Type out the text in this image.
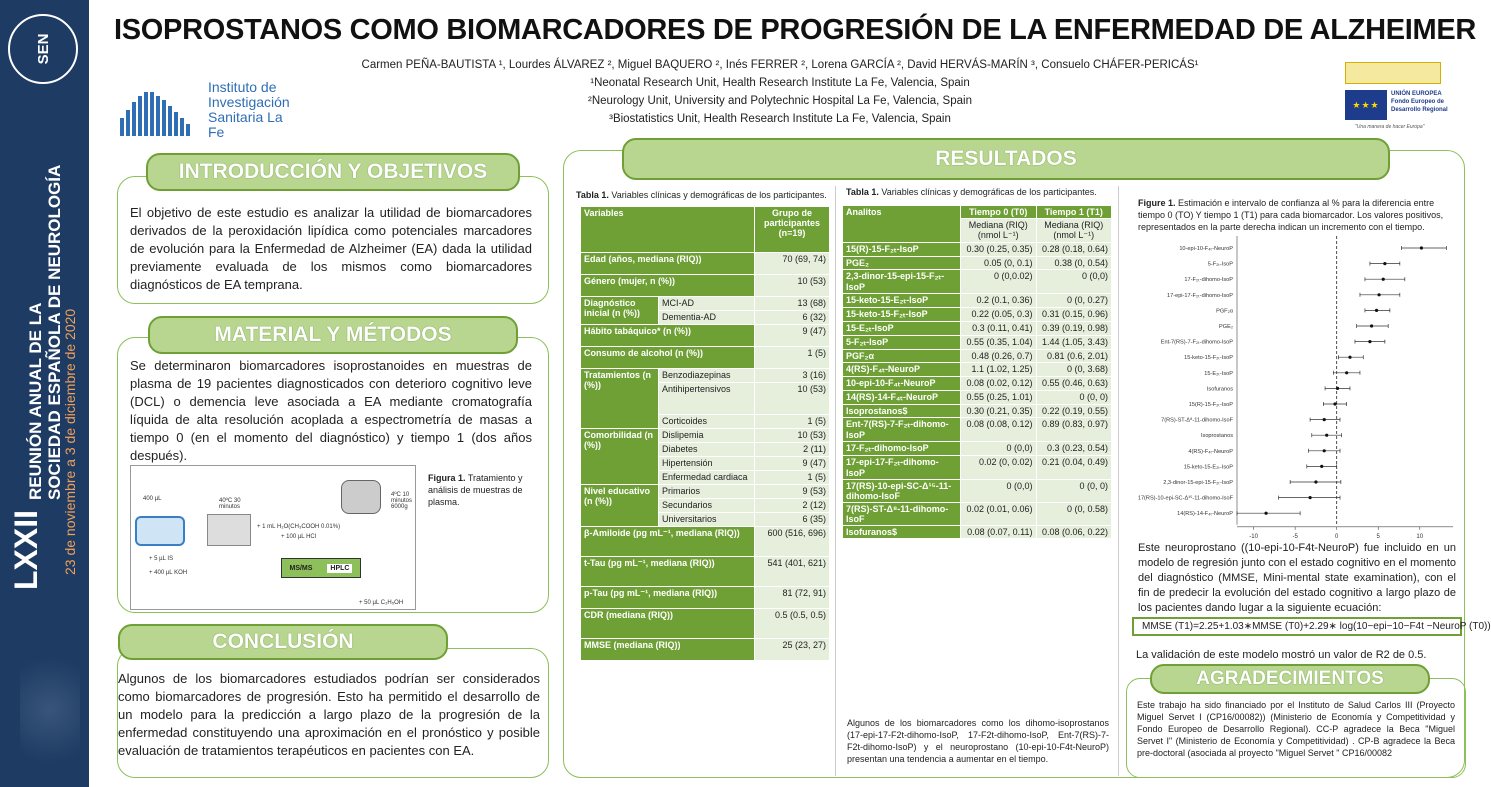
SEN
LXXII
REUNIÓN ANUAL DE LA SOCIEDAD ESPAÑOLA DE NEUROLOGÍA
23 de noviembre a 3 de diciembre de 2020
ISOPROSTANOS COMO BIOMARCADORES DE PROGRESIÓN DE LA ENFERMEDAD DE ALZHEIMER
Carmen PEÑA-BAUTISTA ¹, Lourdes ÁLVAREZ ², Miguel BAQUERO ², Inés FERRER ², Lorena GARCÍA ², David HERVÁS-MARÍN ³, Consuelo CHÁFER-PERICÁS¹
¹Neonatal Research Unit, Health Research Institute La Fe, Valencia, Spain
²Neurology Unit, University and Polytechnic Hospital La Fe, Valencia, Spain
³Biostatistics Unit, Health Research Institute La Fe, Valencia, Spain
Instituto de
Investigación
Sanitaria La Fe
★★★
UNIÓN EUROPEA
Fondo Europeo de Desarrollo Regional
"Una manera de hacer Europa"
INTRODUCCIÓN Y OBJETIVOS
El objetivo de este estudio es analizar la utilidad de biomarcadores derivados de la peroxidación lipídica como potenciales marcadores de evolución para la Enfermedad de Alzheimer (EA) dada la utilidad previamente evaluada de los mismos como biomarcadores diagnósticos de EA temprana.
MATERIAL Y MÉTODOS
Se determinaron biomarcadores isoprostanoides en muestras de plasma de 19 pacientes diagnosticados con deterioro cognitivo leve (DCL) o demencia leve asociada a EA mediante cromatografía líquida de alta resolución acoplada a espectrometría de masas a tiempo 0 (en el momento del diagnóstico) y tiempo 1 (dos años después).
400 µL	40ºC 30 minutos
4ºC 10 minutos 6000g
+ 5 µL IS
+ 400 µL KOH
+ 1 mL H₂O(CH₃COOH 0.01%)
+ 100 µL HCl
+ 50 µL C₂H₅OH
MS/MS	HPLC
Figura 1. Tratamiento y análisis de muestras de plasma.
CONCLUSIÓN
Algunos de los biomarcadores estudiados podrían ser considerados como biomarcadores de progresión. Esto ha permitido el desarrollo de un modelo para la predicción a largo plazo de la progresión de la enfermedad constituyendo una aproximación en el pronóstico y posible evaluación de tratamientos terapéuticos en pacientes con EA.
RESULTADOS
Tabla 1. Variables clínicas y demográficas de los participantes.
Variables		Grupo de participantes (n=19)
Edad (años, mediana (RIQ))		70 (69, 74)
Género (mujer, n (%))		10 (53)
Diagnóstico inicial (n (%))	MCI-AD	13 (68)
	Dementia-AD	6 (32)
Hábito tabáquico* (n (%))		9 (47)
Consumo de alcohol (n (%))		1 (5)
Tratamientos (n (%))	Benzodiazepinas	3 (16)
	Antihipertensivos	10 (53)
	Corticoides	1 (5)
Comorbilidad (n (%))	Dislipemia	10 (53)
	Diabetes	2 (11)
	Hipertensión	9 (47)
	Enfermedad cardiaca	1 (5)
Nivel educativo (n (%))	Primarios	9 (53)
	Secundarios	2 (12)
	Universitarios	6 (35)
β-Amiloide (pg mL⁻¹, mediana (RIQ))		600 (516, 696)
t-Tau (pg mL⁻¹, mediana (RIQ))		541 (401, 621)
p-Tau (pg mL⁻¹, mediana (RIQ))		81 (72, 91)
CDR (mediana (RIQ))		0.5 (0.5, 0.5)
MMSE (mediana (RIQ))		25 (23, 27)
Tabla 1. Variables clínicas y demográficas de los participantes.
Analitos	Tiempo 0 (T0)	Tiempo 1 (T1)
	Mediana (RIQ) (nmol L⁻¹)	Mediana (RIQ) (nmol L⁻¹)
15(R)-15-F₂ₜ-IsoP	0.30 (0.25, 0.35)	0.28 (0.18, 0.64)
PGE₂	0.05 (0, 0.1)	0.38 (0, 0.54)
2,3-dinor-15-epi-15-F₂ₜ-IsoP	0 (0,0.02)	0 (0,0)
15-keto-15-E₂ₜ-IsoP	0.2 (0.1, 0.36)	0 (0, 0.27)
15-keto-15-F₂ₜ-IsoP	0.22 (0.05, 0.3)	0.31 (0.15, 0.96)
15-E₂ₜ-IsoP	0.3 (0.11, 0.41)	0.39 (0.19, 0.98)
5-F₂ₜ-IsoP	0.55 (0.35, 1.04)	1.44 (1.05, 3.43)
PGF₂α	0.48 (0.26, 0.7)	0.81 (0.6, 2.01)
4(RS)-F₄ₜ-NeuroP	1.1 (1.02, 1.25)	0 (0, 3.68)
10-epi-10-F₄ₜ-NeuroP	0.08 (0.02, 0.12)	0.55 (0.46, 0.63)
14(RS)-14-F₄ₜ-NeuroP	0.55 (0.25, 1.01)	0 (0, 0)
Isoprostanos$	0.30 (0.21, 0.35)	0.22 (0.19, 0.55)
Ent-7(RS)-7-F₂ₜ-dihomo-IsoP	0.08 (0.08, 0.12)	0.89 (0.83, 0.97)
17-F₂ₜ-dihomo-IsoP	0 (0,0)	0.3 (0.23, 0.54)
17-epi-17-F₂ₜ-dihomo-IsoP	0.02 (0, 0.02)	0.21 (0.04, 0.49)
17(RS)-10-epi-SC-Δ¹⁵-11-dihomo-IsoF	0 (0,0)	0 (0, 0)
7(RS)-ST-Δ⁸-11-dihomo-IsoF	0.02 (0.01, 0.06)	0 (0, 0.58)
Isofuranos$	0.08 (0.07, 0.11)	0.08 (0.06, 0.22)
Algunos de los biomarcadores como los dihomo-isoprostanos (17-epi-17-F2t-dihomo-IsoP, 17-F2t-dihomo-IsoP, Ent-7(RS)-7-F2t-dihomo-IsoP) y el neuroprostano (10-epi-10-F4t-NeuroP) presentan una tendencia a aumentar en el tiempo.
Figure 1. Estimación e intervalo de confianza al % para la diferencia entre tiempo 0 (TO) Y tiempo 1 (T1) para cada biomarcador. Los valores positivos, representados en la parte derecha indican un incremento con el tiempo.
-10	-5	0	5	10
10-epi-10-F₄ₜ-NeuroP
5-F₂ₜ-IsoP
17-F₂ₜ-dihomo-IsoP
17-epi-17-F₂ₜ-dihomo-IsoP
PGF₂α
PGE₂
Ent-7(RS)-7-F₂ₜ-dihomo-IsoP
15-keto-15-F₂ₜ-IsoP
15-E₂ₜ-IsoP
Isofuranos
15(R)-15-F₂ₜ-IsoP
7(RS)-ST-Δ⁸-11-dihomo-IsoF
Isoprostanos
4(RS)-F₄ₜ-NeuroP
15-keto-15-E₂ₜ-IsoP
2,3-dinor-15-epi-15-F₂ₜ-IsoP
17(RS)-10-epi-SC-Δ¹⁵-11-dihomo-IsoF
14(RS)-14-F₄ₜ-NeuroP
Este neuroprostano ((10-epi-10-F4t-NeuroP) fue incluido en un modelo de regresión junto con el estado cognitivo en el momento del diagnóstico (MMSE, Mini-mental state examination), con el fin de predecir la evolución del estado cognitivo a largo plazo de los pacientes dando lugar a la siguiente ecuación:
MMSE (T1)=2.25+1.03∗MMSE (T0)+2.29∗ log(10−epi−10−F4t −NeuroP (T0))
La validación de este modelo mostró un valor de R2 de 0.5.
AGRADECIMIENTOS
Este trabajo ha sido financiado por el Instituto de Salud Carlos III (Proyecto Miguel Servet I (CP16/00082)) (Ministerio de Economía y Competitividad y Fondo Europeo de Desarrollo Regional). CC-P agradece la Beca "Miguel Servet I" (Ministerio de Economía y Competitividad) . CP-B agradece la Beca pre-doctoral (asociada al proyecto "Miguel Servet " CP16/00082
